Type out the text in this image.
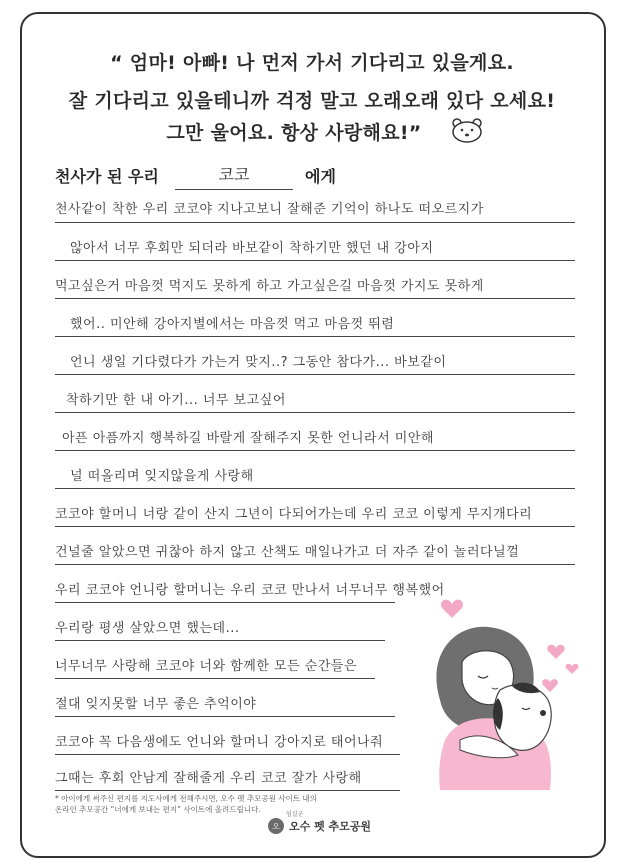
“ 엄마! 아빠! 나 먼저 가서 기다리고 있을게요.
잘 기다리고 있을테니까 걱정 말고 오래오래 있다 오세요!
그만 울어요. 항상 사랑해요!”
천사가 된 우리	코코	에게
천사같이 착한 우리 코코야 지나고보니 잘해준 기억이 하나도 떠오르지가
않아서 너무 후회만 되더라 바보같이 착하기만 했던 내 강아지
먹고싶은거 마음껏 먹지도 못하게 하고 가고싶은길 마음껏 가지도 못하게
했어.. 미안해 강아지별에서는 마음껏 먹고 마음껏 뛰렴
언니 생일 기다렸다가 가는거 맞지..? 그동안 참다가... 바보같이
착하기만 한 내 아기... 너무 보고싶어
아픈 아픔까지 행복하길 바랄게 잘해주지 못한 언니라서 미안해
널 떠올리며 잊지않을게 사랑해
코코야 할머니 너랑 같이 산지 그년이 다되어가는데 우리 코코 이렇게 무지개다리
건널줄 알았으면 귀찮아 하지 않고 산책도 매일나가고 더 자주 같이 놀러다닐껄
우리 코코야 언니랑 할머니는 우리 코코 만나서 너무너무 행복했어
우리랑 평생 살았으면 했는데...
너무너무 사랑해 코코야 너와 함께한 모든 순간들은
절대 잊지못할 너무 좋은 추억이야
코코야 꼭 다음생에도 언니와 할머니 강아지로 태어나줘
그때는 후회 안남게 잘해줄게 우리 코코 잘가 사랑해
* 아이에게 써주신 편지를 지도사에게 전해주시면, 오수 펫 추모공원 사이트 내의
온라인 추모공간 “너에게 보내는 편지” 사이트에 올려드립니다.
임실군
오 오수 펫 추모공원
